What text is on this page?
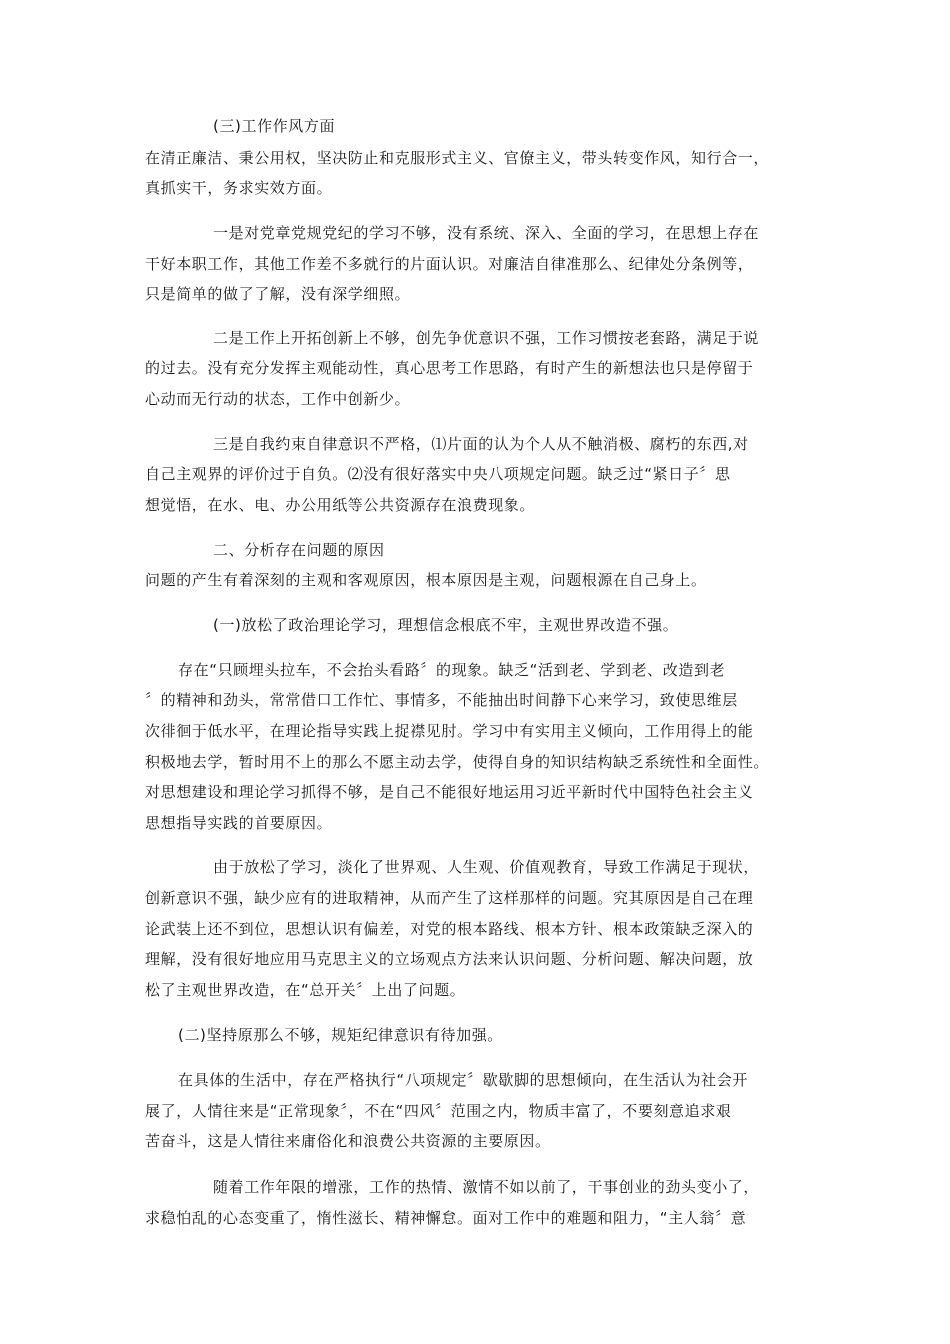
(三)工作作风方面
在清正廉洁、秉公用权，坚决防止和克服形式主义、官僚主义，带头转变作风，知行合一，
真抓实干，务求实效方面。
一是对党章党规党纪的学习不够，没有系统、深入、全面的学习，在思想上存在
干好本职工作，其他工作差不多就行的片面认识。对廉洁自律准那么、纪律处分条例等，
只是简单的做了了解，没有深学细照。
二是工作上开拓创新上不够，创先争优意识不强，工作习惯按老套路，满足于说
的过去。没有充分发挥主观能动性，真心思考工作思路，有时产生的新想法也只是停留于
心动而无行动的状态，工作中创新少。
三是自我约束自律意识不严格，⑴片面的认为个人从不触消极、腐朽的东西,对
自己主观界的评价过于自负。⑵没有很好落实中央八项规定问题。缺乏过“紧日子〞思
想觉悟，在水、电、办公用纸等公共资源存在浪费现象。
二、分析存在问题的原因
问题的产生有着深刻的主观和客观原因，根本原因是主观，问题根源在自己身上。
(一)放松了政治理论学习，理想信念根底不牢，主观世界改造不强。
存在“只顾埋头拉车，不会抬头看路〞的现象。缺乏“活到老、学到老、改造到老
〞的精神和劲头，常常借口工作忙、事情多，不能抽出时间静下心来学习，致使思维层
次徘徊于低水平，在理论指导实践上捉襟见肘。学习中有实用主义倾向，工作用得上的能
积极地去学，暂时用不上的那么不愿主动去学，使得自身的知识结构缺乏系统性和全面性。
对思想建设和理论学习抓得不够，是自己不能很好地运用习近平新时代中国特色社会主义
思想指导实践的首要原因。
由于放松了学习，淡化了世界观、人生观、价值观教育，导致工作满足于现状，
创新意识不强，缺少应有的进取精神，从而产生了这样那样的问题。究其原因是自己在理
论武装上还不到位，思想认识有偏差，对党的根本路线、根本方针、根本政策缺乏深入的
理解，没有很好地应用马克思主义的立场观点方法来认识问题、分析问题、解决问题，放
松了主观世界改造，在“总开关〞上出了问题。
(二)坚持原那么不够，规矩纪律意识有待加强。
在具体的生活中，存在严格执行“八项规定〞歇歇脚的思想倾向，在生活认为社会开
展了，人情往来是“正常现象〞，不在“四风〞范围之内，物质丰富了，不要刻意追求艰
苦奋斗，这是人情往来庸俗化和浪费公共资源的主要原因。
随着工作年限的增涨，工作的热情、激情不如以前了，干事创业的劲头变小了，
求稳怕乱的心态变重了，惰性滋长、精神懈怠。面对工作中的难题和阻力，“主人翁〞意
